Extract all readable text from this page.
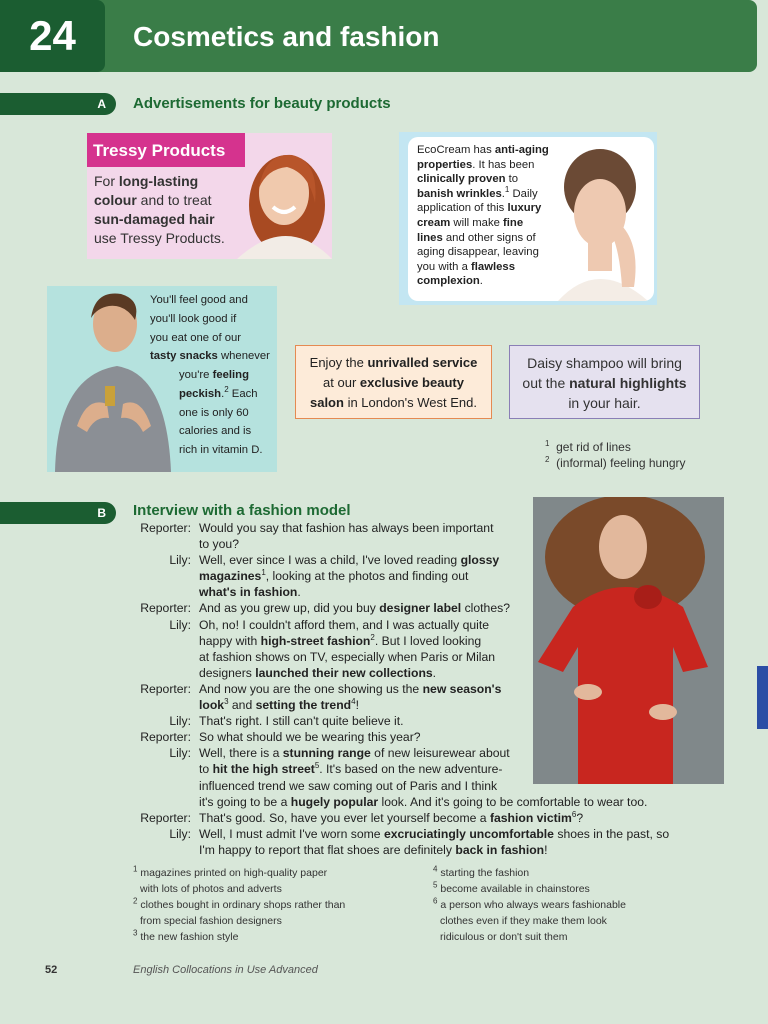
24	Cosmetics and fashion
A	Advertisements for beauty products
Tressy Products
For long-lasting
colour and to treat
sun-damaged hair
use Tressy Products.
EcoCream has anti-aging
properties. It has been
clinically proven to
banish wrinkles.$^1$ Daily
application of this luxury
cream will make fine
lines and other signs of
aging disappear, leaving
you with a flawless
complexion.
You'll feel good and
you'll look good if
you eat one of our
tasty snacks whenever
you're feeling
peckish.$^2$ Each
one is only 60
calories and is
rich in vitamin D.
Enjoy the unrivalled service
at our exclusive beauty
salon in London's West End.
Daisy shampoo will bring
out the natural highlights
in your hair.
$^1$ get rid of lines
$^2$ (informal) feeling hungry
B	Interview with a fashion model
Reporter: Would you say that fashion has always been important
to you?
Lily: Well, ever since I was a child, I've loved reading glossy
magazines$^1$, looking at the photos and finding out
what's in fashion.
Reporter: And as you grew up, did you buy designer label clothes?
Lily: Oh, no! I couldn't afford them, and I was actually quite
happy with high-street fashion$^2$. But I loved looking
at fashion shows on TV, especially when Paris or Milan
designers launched their new collections.
Reporter: And now you are the one showing us the new season's
look$^3$ and setting the trend$^4$!
Lily: That's right. I still can't quite believe it.
Reporter: So what should we be wearing this year?
Lily: Well, there is a stunning range of new leisurewear about
to hit the high street$^5$. It's based on the new adventure-
influenced trend we saw coming out of Paris and I think
it's going to be a hugely popular look. And it's going to be comfortable to wear too.
Reporter: That's good. So, have you ever let yourself become a fashion victim$^6$?
Lily: Well, I must admit I've worn some excruciatingly uncomfortable shoes in the past, so
I'm happy to report that flat shoes are definitely back in fashion!
$^1$ magazines printed on high-quality paper
with lots of photos and adverts
$^2$ clothes bought in ordinary shops rather than
from special fashion designers
$^3$ the new fashion style
$^4$ starting the fashion
$^5$ become available in chainstores
$^6$ a person who always wears fashionable
clothes even if they make them look
ridiculous or don't suit them
52	English Collocations in Use Advanced
